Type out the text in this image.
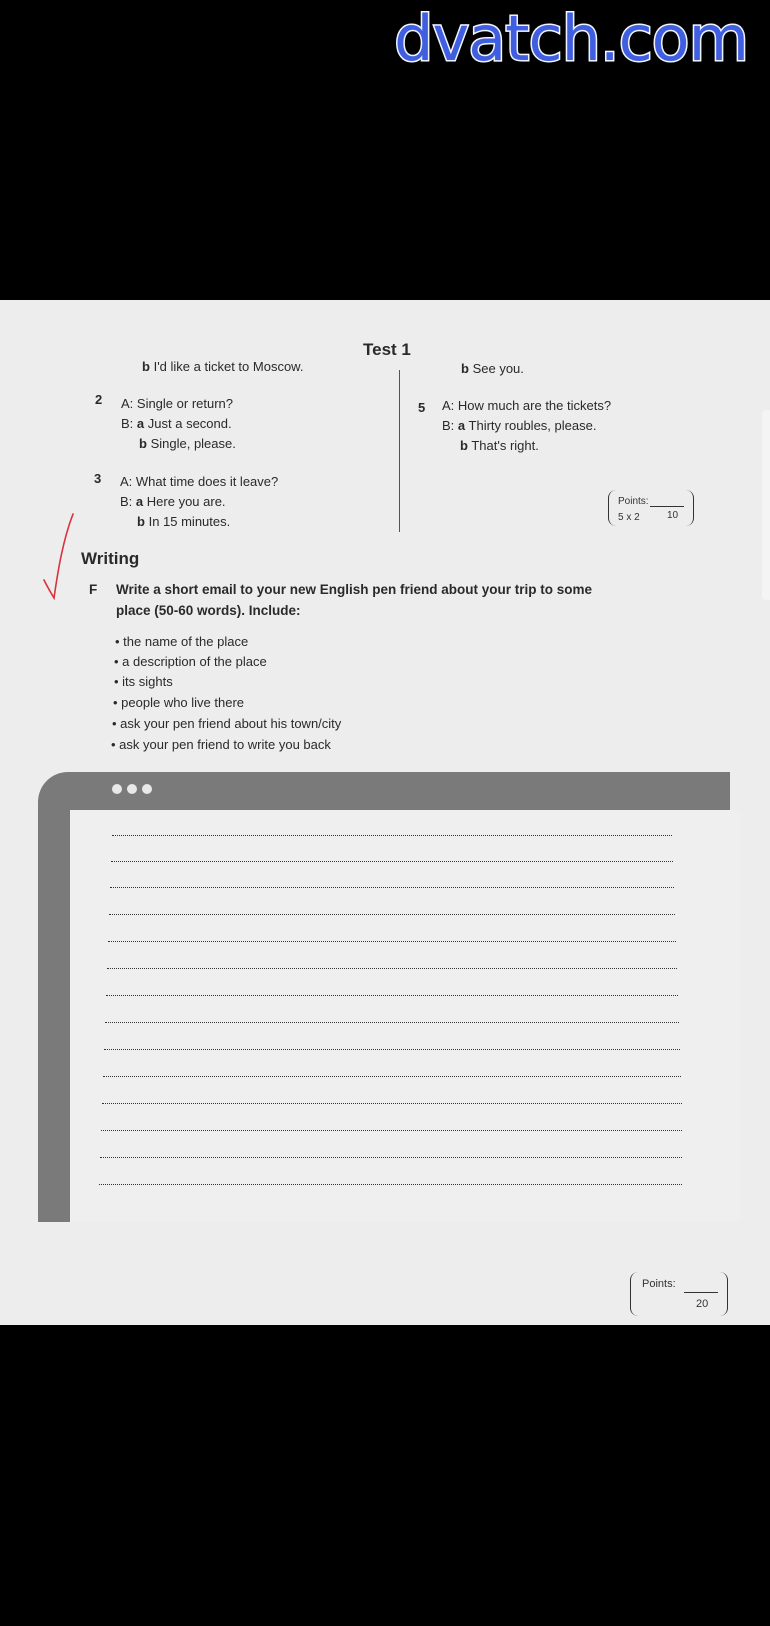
dvatch.com
Test 1
b I'd like a ticket to Moscow.
2 A: Single or return?
B: a Just a second.
b Single, please.
3 A: What time does it leave?
B: a Here you are.
b In 15 minutes.
b See you.
5 A: How much are the tickets?
B: a Thirty roubles, please.
b That's right.
Points:
5 x 2	10
Writing
F Write a short email to your new English pen friend about your trip to some
place (50-60 words). Include:
• the name of the place
• a description of the place
• its sights
• people who live there
• ask your pen friend about his town/city
• ask your pen friend to write you back
Points:
20
